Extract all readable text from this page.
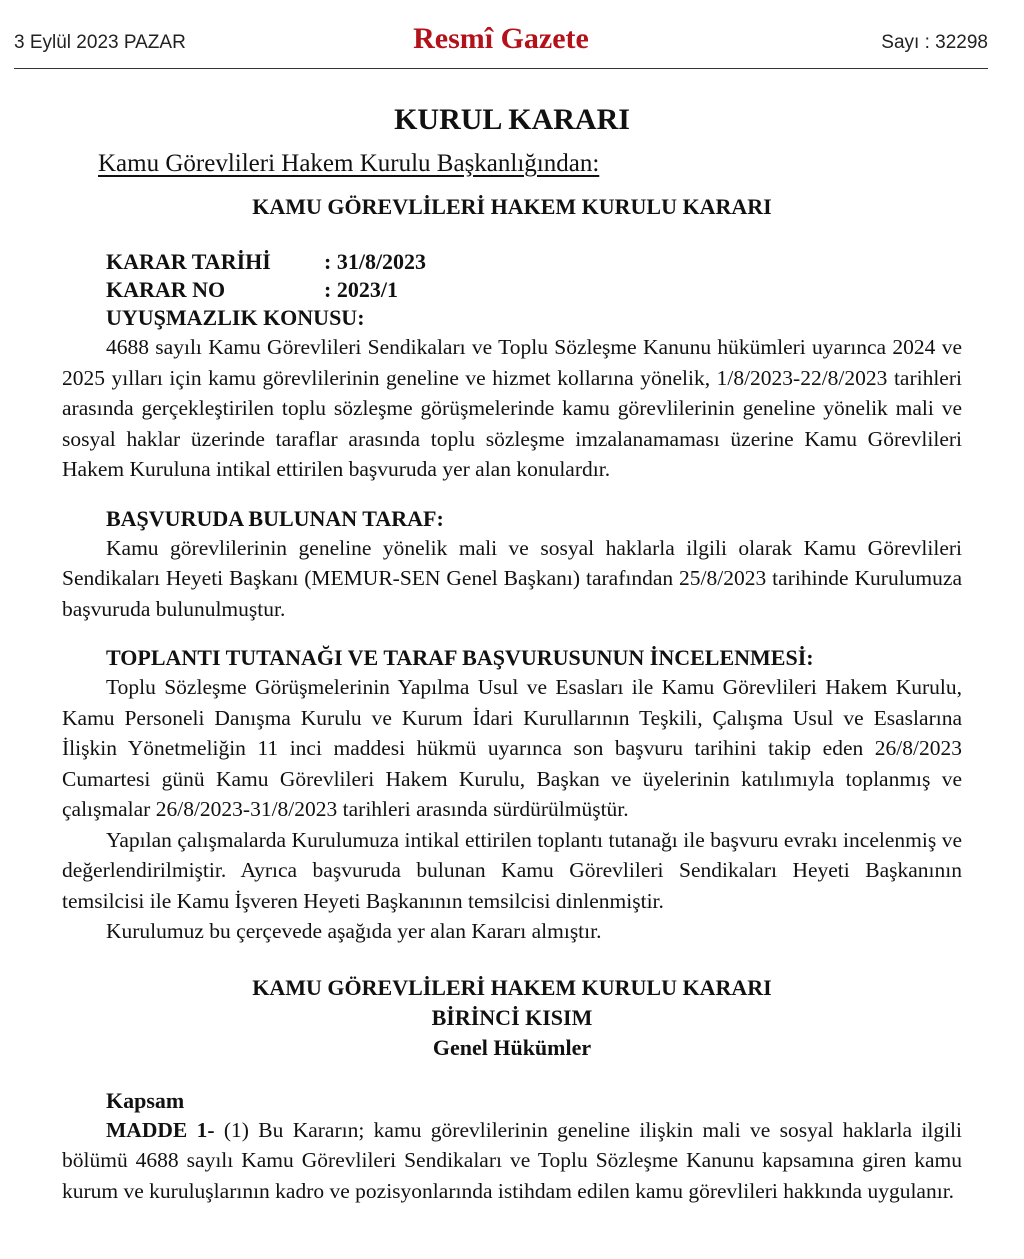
3 Eylül 2023 PAZAR	Resmî Gazete	Sayı : 32298
KURUL KARARI
Kamu Görevlileri Hakem Kurulu Başkanlığından:
KAMU GÖREVLİLERİ HAKEM KURULU KARARI
KARAR TARİHİ : 31/8/2023
KARAR NO	: 2023/1
UYUŞMAZLIK KONUSU:
4688 sayılı Kamu Görevlileri Sendikaları ve Toplu Sözleşme Kanunu hükümleri uyarınca 2024 ve 2025 yılları için kamu görevlilerinin geneline ve hizmet kollarına yönelik, 1/8/2023-22/8/2023 tarihleri arasında gerçekleştirilen toplu sözleşme görüşmelerinde kamu görevlilerinin geneline yönelik mali ve sosyal haklar üzerinde taraflar arasında toplu sözleşme imzalanamaması üzerine Kamu Görevlileri Hakem Kuruluna intikal ettirilen başvuruda yer alan konulardır.
BAŞVURUDA BULUNAN TARAF:
Kamu görevlilerinin geneline yönelik mali ve sosyal haklarla ilgili olarak Kamu Görevlileri Sendikaları Heyeti Başkanı (MEMUR-SEN Genel Başkanı) tarafından 25/8/2023 tarihinde Kurulumuza başvuruda bulunulmuştur.
TOPLANTI TUTANAĞI VE TARAF BAŞVURUSUNUN İNCELENMESİ:
Toplu Sözleşme Görüşmelerinin Yapılma Usul ve Esasları ile Kamu Görevlileri Hakem Kurulu, Kamu Personeli Danışma Kurulu ve Kurum İdari Kurullarının Teşkili, Çalışma Usul ve Esaslarına İlişkin Yönetmeliğin 11 inci maddesi hükmü uyarınca son başvuru tarihini takip eden 26/8/2023 Cumartesi günü Kamu Görevlileri Hakem Kurulu, Başkan ve üyelerinin katılımıyla toplanmış ve çalışmalar 26/8/2023-31/8/2023 tarihleri arasında sürdürülmüştür.
Yapılan çalışmalarda Kurulumuza intikal ettirilen toplantı tutanağı ile başvuru evrakı incelenmiş ve değerlendirilmiştir. Ayrıca başvuruda bulunan Kamu Görevlileri Sendikaları Heyeti Başkanının temsilcisi ile Kamu İşveren Heyeti Başkanının temsilcisi dinlenmiştir.
Kurulumuz bu çerçevede aşağıda yer alan Kararı almıştır.
KAMU GÖREVLİLERİ HAKEM KURULU KARARI
BİRİNCİ KISIM
Genel Hükümler
Kapsam
MADDE 1- (1) Bu Kararın; kamu görevlilerinin geneline ilişkin mali ve sosyal haklarla ilgili bölümü 4688 sayılı Kamu Görevlileri Sendikaları ve Toplu Sözleşme Kanunu kapsamına giren kamu kurum ve kuruluşlarının kadro ve pozisyonlarında istihdam edilen kamu görevlileri hakkında uygulanır.
